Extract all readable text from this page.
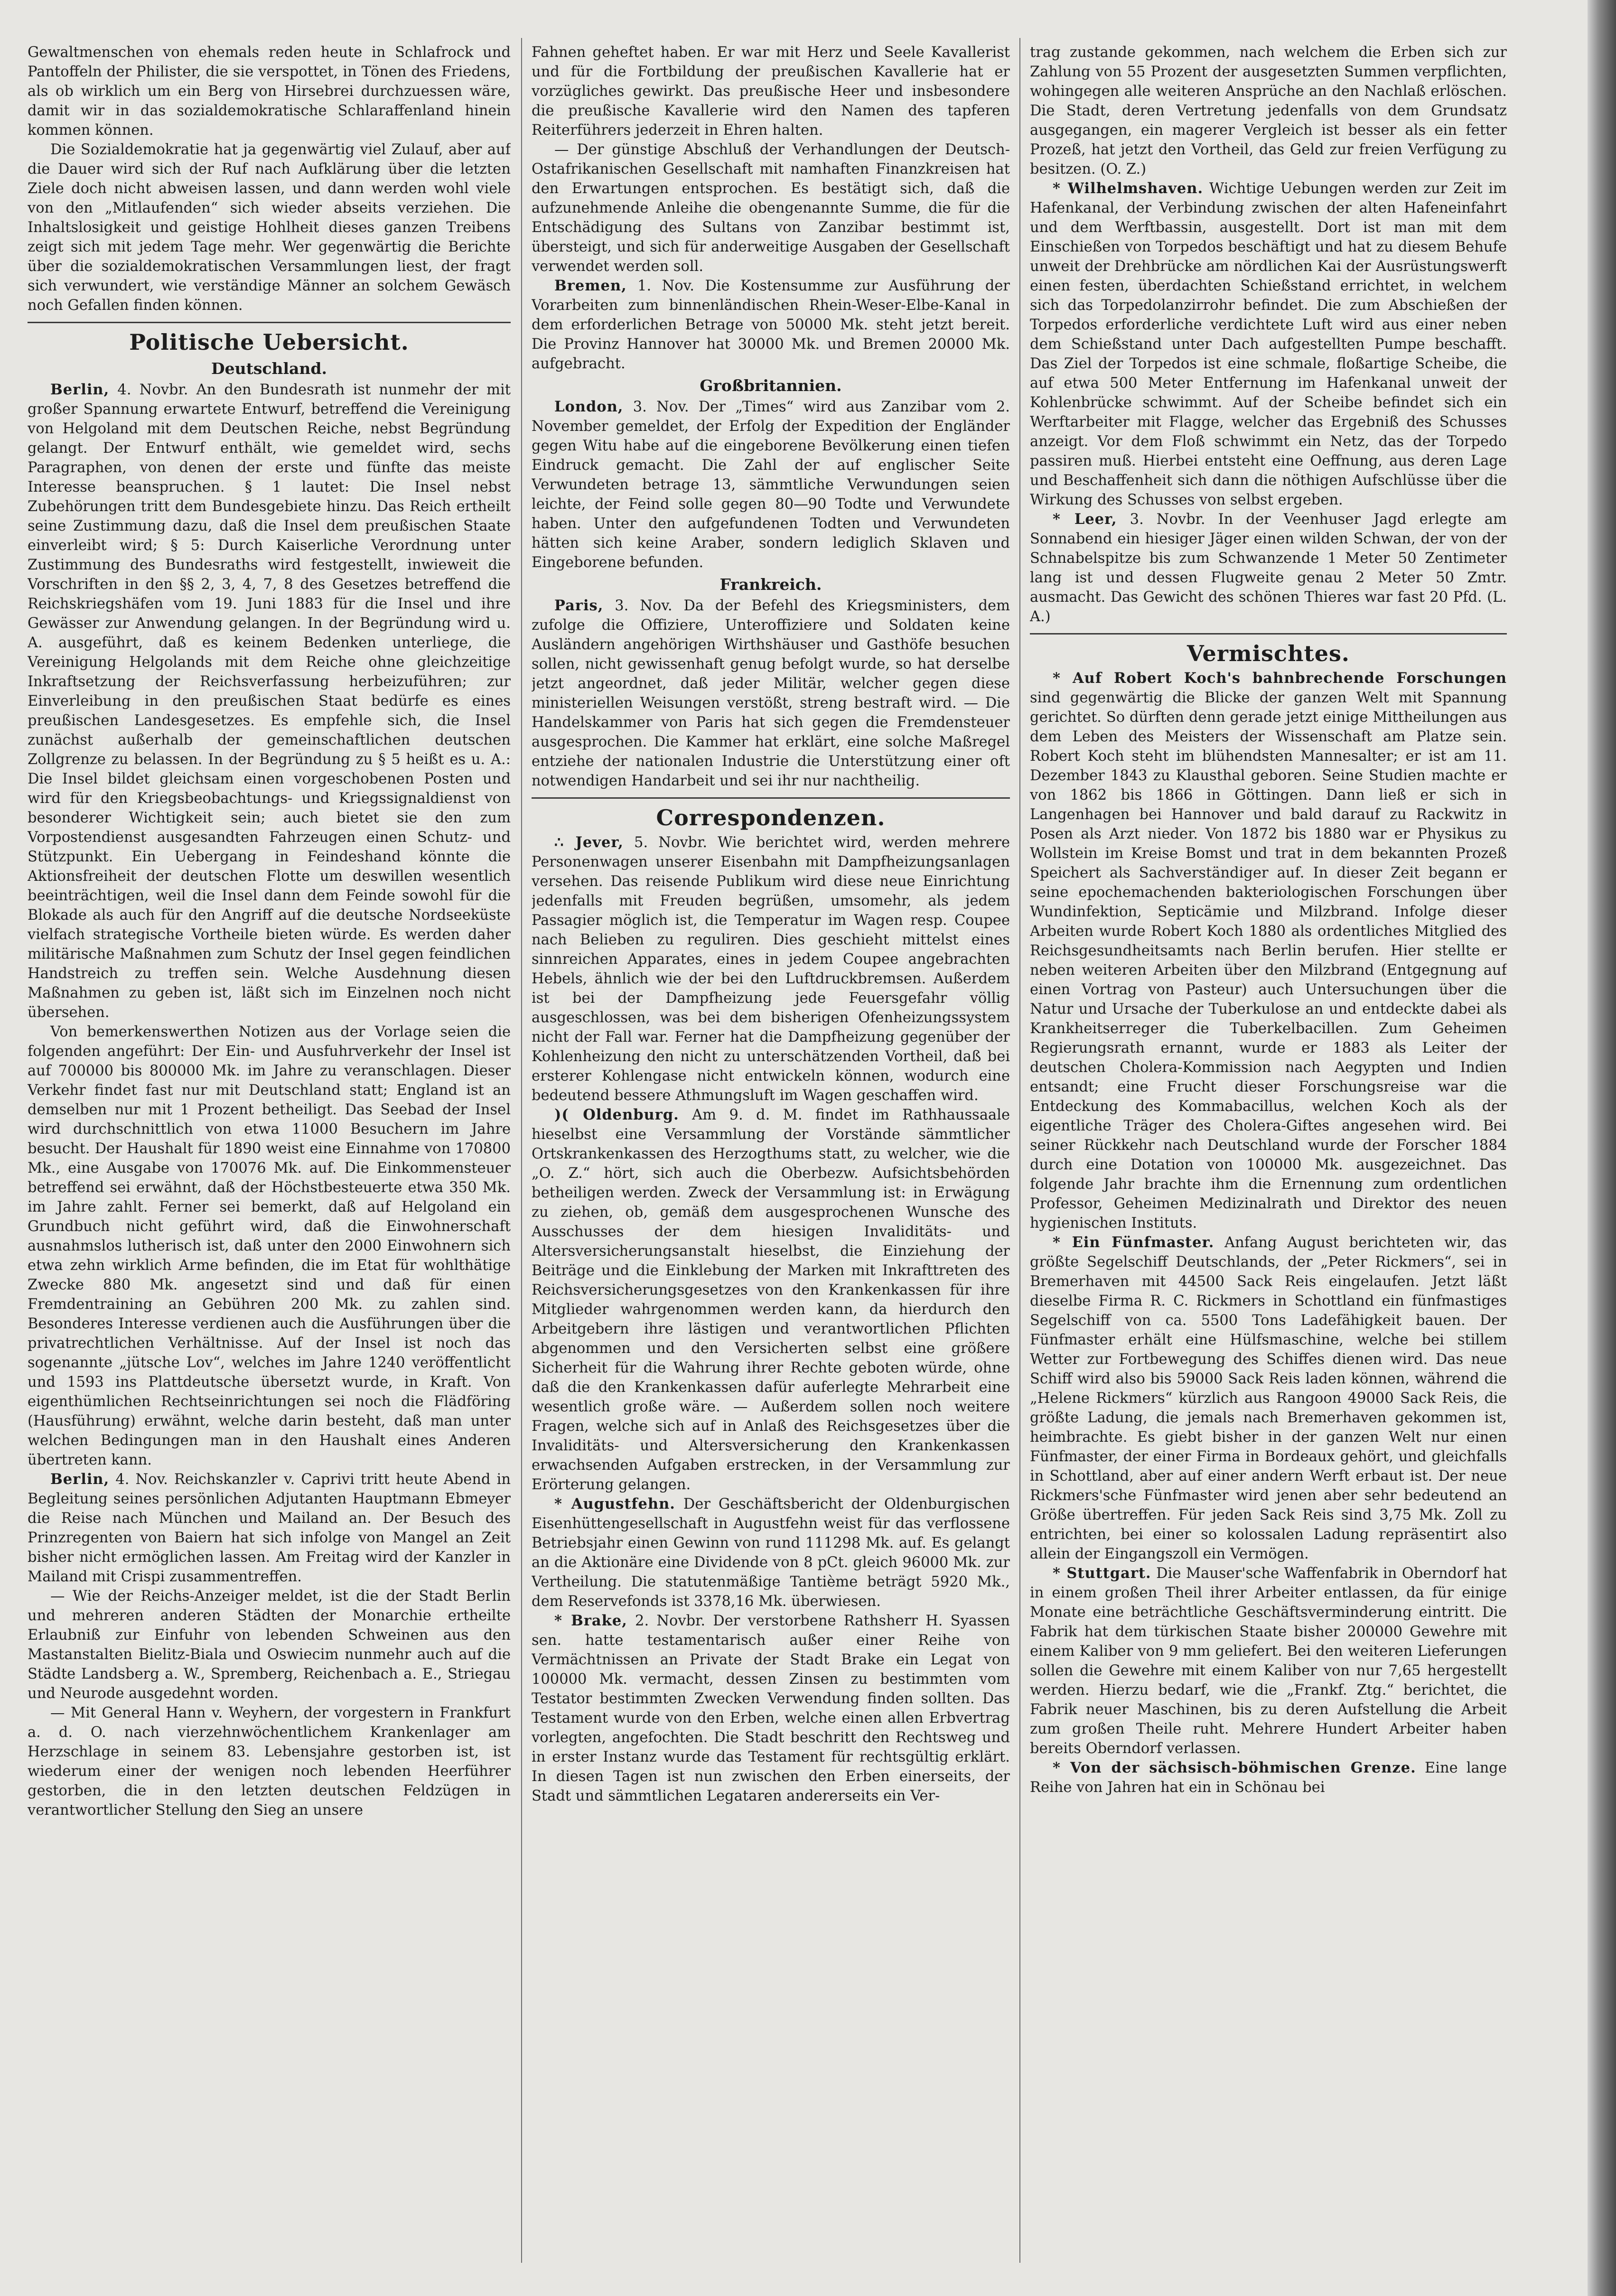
Gewaltmenschen von ehemals reden heute in Schlafrock und Pantoffeln der Philister, die sie verspottet, in Tönen des Friedens, als ob wirklich um ein Berg von Hirsebrei durchzuessen wäre, damit wir in das sozialdemokratische Schlaraffenland hinein kommen können.

Die Sozialdemokratie hat ja gegenwärtig viel Zulauf, aber auf die Dauer wird sich der Ruf nach Aufklärung über die letzten Ziele doch nicht abweisen lassen, und dann werden wohl viele von den „Mitlaufenden“ sich wieder abseits verziehen. Die Inhaltslosigkeit und geistige Hohlheit dieses ganzen Treibens zeigt sich mit jedem Tage mehr. Wer gegenwärtig die Berichte über die sozialdemokratischen Versammlungen liest, der fragt sich verwundert, wie verständige Männer an solchem Gewäsch noch Gefallen finden können.

Politische Uebersicht.
Deutschland.

Berlin, 4. Novbr. An den Bundesrath ist nunmehr der mit großer Spannung erwartete Entwurf, betreffend die Vereinigung von Helgoland mit dem Deutschen Reiche, nebst Begründung gelangt. Der Entwurf enthält, wie gemeldet wird, sechs Paragraphen, von denen der erste und fünfte das meiste Interesse beanspruchen. § 1 lautet: Die Insel nebst Zubehörungen tritt dem Bundesgebiete hinzu. Das Reich ertheilt seine Zustimmung dazu, daß die Insel dem preußischen Staate einverleibt wird; § 5: Durch Kaiserliche Verordnung unter Zustimmung des Bundesraths wird festgestellt, inwieweit die Vorschriften in den §§ 2, 3, 4, 7, 8 des Gesetzes betreffend die Reichskriegshäfen vom 19. Juni 1883 für die Insel und ihre Gewässer zur Anwendung gelangen. In der Begründung wird u. A. ausgeführt, daß es keinem Bedenken unterliege, die Vereinigung Helgolands mit dem Reiche ohne gleichzeitige Inkraftsetzung der Reichsverfassung herbeizuführen; zur Einverleibung in den preußischen Staat bedürfe es eines preußischen Landesgesetzes. Es empfehle sich, die Insel zunächst außerhalb der gemeinschaftlichen deutschen Zollgrenze zu belassen. In der Begründung zu § 5 heißt es u. A.: Die Insel bildet gleichsam einen vorgeschobenen Posten und wird für den Kriegsbeobachtungs- und Kriegssignaldienst von besonderer Wichtigkeit sein; auch bietet sie den zum Vorpostendienst ausgesandten Fahrzeugen einen Schutz- und Stützpunkt. Ein Uebergang in Feindeshand könnte die Aktionsfreiheit der deutschen Flotte um deswillen wesentlich beeinträchtigen, weil die Insel dann dem Feinde sowohl für die Blokade als auch für den Angriff auf die deutsche Nordseeküste vielfach strategische Vortheile bieten würde. Es werden daher militärische Maßnahmen zum Schutz der Insel gegen feindlichen Handstreich zu treffen sein. Welche Ausdehnung diesen Maßnahmen zu geben ist, läßt sich im Einzelnen noch nicht übersehen.

Von bemerkenswerthen Notizen aus der Vorlage seien die folgenden angeführt: Der Ein- und Ausfuhrverkehr der Insel ist auf 700000 bis 800000 Mk. im Jahre zu veranschlagen. Dieser Verkehr findet fast nur mit Deutschland statt; England ist an demselben nur mit 1 Prozent betheiligt. Das Seebad der Insel wird durchschnittlich von etwa 11000 Besuchern im Jahre besucht. Der Haushalt für 1890 weist eine Einnahme von 170800 Mk., eine Ausgabe von 170076 Mk. auf. Die Einkommensteuer betreffend sei erwähnt, daß der Höchstbesteuerte etwa 350 Mk. im Jahre zahlt. Ferner sei bemerkt, daß auf Helgoland ein Grundbuch nicht geführt wird, daß die Einwohnerschaft ausnahmslos lutherisch ist, daß unter den 2000 Einwohnern sich etwa zehn wirklich Arme befinden, die im Etat für wohlthätige Zwecke 880 Mk. angesetzt sind und daß für einen Fremdentraining an Gebühren 200 Mk. zu zahlen sind. Besonderes Interesse verdienen auch die Ausführungen über die privatrechtlichen Verhältnisse. Auf der Insel ist noch das sogenannte „jütsche Lov“, welches im Jahre 1240 veröffentlicht und 1593 ins Plattdeutsche übersetzt wurde, in Kraft. Von eigenthümlichen Rechtseinrichtungen sei noch die Flädföring (Hausführung) erwähnt, welche darin besteht, daß man unter welchen Bedingungen man in den Haushalt eines Anderen übertreten kann.

Berlin, 4. Nov. Reichskanzler v. Caprivi tritt heute Abend in Begleitung seines persönlichen Adjutanten Hauptmann Ebmeyer die Reise nach München und Mailand an. Der Besuch des Prinzregenten von Baiern hat sich infolge von Mangel an Zeit bisher nicht ermöglichen lassen. Am Freitag wird der Kanzler in Mailand mit Crispi zusammentreffen.

— Wie der Reichs-Anzeiger meldet, ist die der Stadt Berlin und mehreren anderen Städten der Monarchie ertheilte Erlaubniß zur Einfuhr von lebenden Schweinen aus den Mastanstalten Bielitz-Biala und Oswiecim nunmehr auch auf die Städte Landsberg a. W., Spremberg, Reichenbach a. E., Striegau und Neurode ausgedehnt worden.

— Mit General Hann v. Weyhern, der vorgestern in Frankfurt a. d. O. nach vierzehnwöchentlichem Krankenlager am Herzschlage in seinem 83. Lebensjahre gestorben ist, ist wiederum einer der wenigen noch lebenden Heerführer gestorben, die in den letzten deutschen Feldzügen in verantwortlicher Stellung den Sieg an unsere

Fahnen geheftet haben. Er war mit Herz und Seele Kavallerist und für die Fortbildung der preußischen Kavallerie hat er vorzügliches gewirkt. Das preußische Heer und insbesondere die preußische Kavallerie wird den Namen des tapferen Reiterführers jederzeit in Ehren halten.

— Der günstige Abschluß der Verhandlungen der Deutsch-Ostafrikanischen Gesellschaft mit namhaften Finanzkreisen hat den Erwartungen entsprochen. Es bestätigt sich, daß die aufzunehmende Anleihe die obengenannte Summe, die für die Entschädigung des Sultans von Zanzibar bestimmt ist, übersteigt, und sich für anderweitige Ausgaben der Gesellschaft verwendet werden soll.

Bremen, 1. Nov. Die Kostensumme zur Ausführung der Vorarbeiten zum binnenländischen Rhein-Weser-Elbe-Kanal in dem erforderlichen Betrage von 50000 Mk. steht jetzt bereit. Die Provinz Hannover hat 30000 Mk. und Bremen 20000 Mk. aufgebracht.

Großbritannien.

London, 3. Nov. Der „Times“ wird aus Zanzibar vom 2. November gemeldet, der Erfolg der Expedition der Engländer gegen Witu habe auf die eingeborene Bevölkerung einen tiefen Eindruck gemacht. Die Zahl der auf englischer Seite Verwundeten betrage 13, sämmtliche Verwundungen seien leichte, der Feind solle gegen 80—90 Todte und Verwundete haben. Unter den aufgefundenen Todten und Verwundeten hätten sich keine Araber, sondern lediglich Sklaven und Eingeborene befunden.

Frankreich.

Paris, 3. Nov. Da der Befehl des Kriegsministers, dem zufolge die Offiziere, Unteroffiziere und Soldaten keine Ausländern angehörigen Wirthshäuser und Gasthöfe besuchen sollen, nicht gewissenhaft genug befolgt wurde, so hat derselbe jetzt angeordnet, daß jeder Militär, welcher gegen diese ministeriellen Weisungen verstößt, streng bestraft wird. — Die Handelskammer von Paris hat sich gegen die Fremdensteuer ausgesprochen. Die Kammer hat erklärt, eine solche Maßregel entziehe der nationalen Industrie die Unterstützung einer oft notwendigen Handarbeit und sei ihr nur nachtheilig.

Correspondenzen.

∴ Jever, 5. Novbr. Wie berichtet wird, werden mehrere Personenwagen unserer Eisenbahn mit Dampfheizungsanlagen versehen. Das reisende Publikum wird diese neue Einrichtung jedenfalls mit Freuden begrüßen, umsomehr, als jedem Passagier möglich ist, die Temperatur im Wagen resp. Coupee nach Belieben zu reguliren. Dies geschieht mittelst eines sinnreichen Apparates, eines in jedem Coupee angebrachten Hebels, ähnlich wie der bei den Luftdruckbremsen. Außerdem ist bei der Dampfheizung jede Feuersgefahr völlig ausgeschlossen, was bei dem bisherigen Ofenheizungssystem nicht der Fall war. Ferner hat die Dampfheizung gegenüber der Kohlenheizung den nicht zu unterschätzenden Vortheil, daß bei ersterer Kohlengase nicht entwickeln können, wodurch eine bedeutend bessere Athmungsluft im Wagen geschaffen wird.

)( Oldenburg. Am 9. d. M. findet im Rathhaussaale hieselbst eine Versammlung der Vorstände sämmtlicher Ortskrankenkassen des Herzogthums statt, zu welcher, wie die „O. Z.“ hört, sich auch die Oberbezw. Aufsichtsbehörden betheiligen werden. Zweck der Versammlung ist: in Erwägung zu ziehen, ob, gemäß dem ausgesprochenen Wunsche des Ausschusses der dem hiesigen Invaliditäts- und Altersversicherungsanstalt hieselbst, die Einziehung der Beiträge und die Einklebung der Marken mit Inkrafttreten des Reichsversicherungsgesetzes von den Krankenkassen für ihre Mitglieder wahrgenommen werden kann, da hierdurch den Arbeitgebern ihre lästigen und verantwortlichen Pflichten abgenommen und den Versicherten selbst eine größere Sicherheit für die Wahrung ihrer Rechte geboten würde, ohne daß die den Krankenkassen dafür auferlegte Mehrarbeit eine wesentlich große wäre. — Außerdem sollen noch weitere Fragen, welche sich auf in Anlaß des Reichsgesetzes über die Invaliditäts- und Altersversicherung den Krankenkassen erwachsenden Aufgaben erstrecken, in der Versammlung zur Erörterung gelangen.

* Augustfehn. Der Geschäftsbericht der Oldenburgischen Eisenhüttengesellschaft in Augustfehn weist für das verflossene Betriebsjahr einen Gewinn von rund 111298 Mk. auf. Es gelangt an die Aktionäre eine Dividende von 8 pCt. gleich 96000 Mk. zur Vertheilung. Die statutenmäßige Tantième beträgt 5920 Mk., dem Reservefonds ist 3378,16 Mk. überwiesen.

* Brake, 2. Novbr. Der verstorbene Rathsherr H. Syassen sen. hatte testamentarisch außer einer Reihe von Vermächtnissen an Private der Stadt Brake ein Legat von 100000 Mk. vermacht, dessen Zinsen zu bestimmten vom Testator bestimmten Zwecken Verwendung finden sollten. Das Testament wurde von den Erben, welche einen allen Erbvertrag vorlegten, angefochten. Die Stadt beschritt den Rechtsweg und in erster Instanz wurde das Testament für rechtsgültig erklärt. In diesen Tagen ist nun zwischen den Erben einerseits, der Stadt und sämmtlichen Legataren andererseits ein Ver-

trag zustande gekommen, nach welchem die Erben sich zur Zahlung von 55 Prozent der ausgesetzten Summen verpflichten, wohingegen alle weiteren Ansprüche an den Nachlaß erlöschen. Die Stadt, deren Vertretung jedenfalls von dem Grundsatz ausgegangen, ein magerer Vergleich ist besser als ein fetter Prozeß, hat jetzt den Vortheil, das Geld zur freien Verfügung zu besitzen. (O. Z.)

* Wilhelmshaven. Wichtige Uebungen werden zur Zeit im Hafenkanal, der Verbindung zwischen der alten Hafeneinfahrt und dem Werftbassin, ausgestellt. Dort ist man mit dem Einschießen von Torpedos beschäftigt und hat zu diesem Behufe unweit der Drehbrücke am nördlichen Kai der Ausrüstungswerft einen festen, überdachten Schießstand errichtet, in welchem sich das Torpedolanzirrohr befindet. Die zum Abschießen der Torpedos erforderliche verdichtete Luft wird aus einer neben dem Schießstand unter Dach aufgestellten Pumpe beschafft. Das Ziel der Torpedos ist eine schmale, floßartige Scheibe, die auf etwa 500 Meter Entfernung im Hafenkanal unweit der Kohlenbrücke schwimmt. Auf der Scheibe befindet sich ein Werftarbeiter mit Flagge, welcher das Ergebniß des Schusses anzeigt. Vor dem Floß schwimmt ein Netz, das der Torpedo passiren muß. Hierbei entsteht eine Oeffnung, aus deren Lage und Beschaffenheit sich dann die nöthigen Aufschlüsse über die Wirkung des Schusses von selbst ergeben.

* Leer, 3. Novbr. In der Veenhuser Jagd erlegte am Sonnabend ein hiesiger Jäger einen wilden Schwan, der von der Schnabelspitze bis zum Schwanzende 1 Meter 50 Zentimeter lang ist und dessen Flugweite genau 2 Meter 50 Zmtr. ausmacht. Das Gewicht des schönen Thieres war fast 20 Pfd. (L. A.)

Vermischtes.

* Auf Robert Koch's bahnbrechende Forschungen sind gegenwärtig die Blicke der ganzen Welt mit Spannung gerichtet. So dürften denn gerade jetzt einige Mittheilungen aus dem Leben des Meisters der Wissenschaft am Platze sein. Robert Koch steht im blühendsten Mannesalter; er ist am 11. Dezember 1843 zu Klausthal geboren. Seine Studien machte er von 1862 bis 1866 in Göttingen. Dann ließ er sich in Langenhagen bei Hannover und bald darauf zu Rackwitz in Posen als Arzt nieder. Von 1872 bis 1880 war er Physikus zu Wollstein im Kreise Bomst und trat in dem bekannten Prozeß Speichert als Sachverständiger auf. In dieser Zeit begann er seine epochemachenden bakteriologischen Forschungen über Wundinfektion, Septicämie und Milzbrand. Infolge dieser Arbeiten wurde Robert Koch 1880 als ordentliches Mitglied des Reichsgesundheitsamts nach Berlin berufen. Hier stellte er neben weiteren Arbeiten über den Milzbrand (Entgegnung auf einen Vortrag von Pasteur) auch Untersuchungen über die Natur und Ursache der Tuberkulose an und entdeckte dabei als Krankheitserreger die Tuberkelbacillen. Zum Geheimen Regierungsrath ernannt, wurde er 1883 als Leiter der deutschen Cholera-Kommission nach Aegypten und Indien entsandt; eine Frucht dieser Forschungsreise war die Entdeckung des Kommabacillus, welchen Koch als der eigentliche Träger des Cholera-Giftes angesehen wird. Bei seiner Rückkehr nach Deutschland wurde der Forscher 1884 durch eine Dotation von 100000 Mk. ausgezeichnet. Das folgende Jahr brachte ihm die Ernennung zum ordentlichen Professor, Geheimen Medizinalrath und Direktor des neuen hygienischen Instituts.

* Ein Fünfmaster. Anfang August berichteten wir, das größte Segelschiff Deutschlands, der „Peter Rickmers“, sei in Bremerhaven mit 44500 Sack Reis eingelaufen. Jetzt läßt dieselbe Firma R. C. Rickmers in Schottland ein fünfmastiges Segelschiff von ca. 5500 Tons Ladefähigkeit bauen. Der Fünfmaster erhält eine Hülfsmaschine, welche bei stillem Wetter zur Fortbewegung des Schiffes dienen wird. Das neue Schiff wird also bis 59000 Sack Reis laden können, während die „Helene Rickmers“ kürzlich aus Rangoon 49000 Sack Reis, die größte Ladung, die jemals nach Bremerhaven gekommen ist, heimbrachte. Es giebt bisher in der ganzen Welt nur einen Fünfmaster, der einer Firma in Bordeaux gehört, und gleichfalls in Schottland, aber auf einer andern Werft erbaut ist. Der neue Rickmers'sche Fünfmaster wird jenen aber sehr bedeutend an Größe übertreffen. Für jeden Sack Reis sind 3,75 Mk. Zoll zu entrichten, bei einer so kolossalen Ladung repräsentirt also allein der Eingangszoll ein Vermögen.

* Stuttgart. Die Mauser'sche Waffenfabrik in Oberndorf hat in einem großen Theil ihrer Arbeiter entlassen, da für einige Monate eine beträchtliche Geschäftsverminderung eintritt. Die Fabrik hat dem türkischen Staate bisher 200000 Gewehre mit einem Kaliber von 9 mm geliefert. Bei den weiteren Lieferungen sollen die Gewehre mit einem Kaliber von nur 7,65 hergestellt werden. Hierzu bedarf, wie die „Frankf. Ztg.“ berichtet, die Fabrik neuer Maschinen, bis zu deren Aufstellung die Arbeit zum großen Theile ruht. Mehrere Hundert Arbeiter haben bereits Oberndorf verlassen.

* Von der sächsisch-böhmischen Grenze. Eine lange Reihe von Jahren hat ein in Schönau bei
